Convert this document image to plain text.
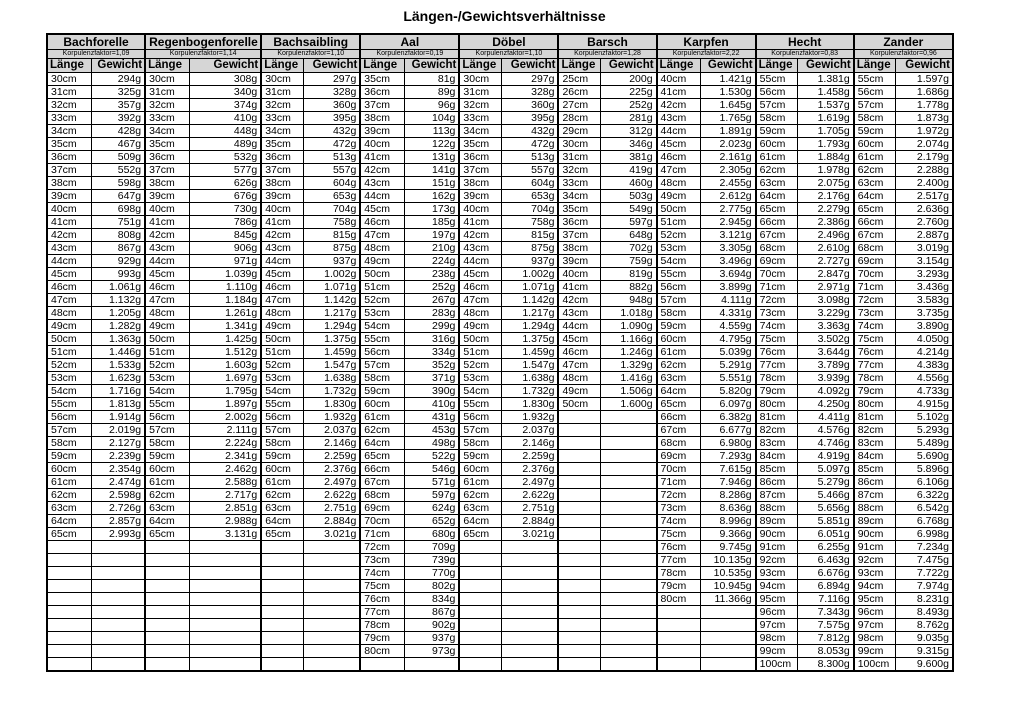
Längen-/Gewichtsverhältnisse
Bachforelle		Regenbogenforelle		Bachsaibling		Aal		Döbel		Barsch		Karpfen		Hecht		Zander	
Korpulenzfaktor=1,09		Korpulenzfaktor=1,14		Korpulenzfaktor=1,10		Korpulenzfaktor=0,19		Korpulenzfaktor=1,10		Korpulenzfaktor=1,28		Korpulenzfaktor=2,22		Korpulenzfaktor=0,83		Korpulenzfaktor=0,96	
Länge	Gewicht	Länge	Gewicht	Länge	Gewicht	Länge	Gewicht	Länge	Gewicht	Länge	Gewicht	Länge	Gewicht	Länge	Gewicht	Länge	Gewicht
30cm	294g	30cm	308g	30cm	297g	35cm	81g	30cm	297g	25cm	200g	40cm	1.421g	55cm	1.381g	55cm	1.597g
31cm	325g	31cm	340g	31cm	328g	36cm	89g	31cm	328g	26cm	225g	41cm	1.530g	56cm	1.458g	56cm	1.686g
32cm	357g	32cm	374g	32cm	360g	37cm	96g	32cm	360g	27cm	252g	42cm	1.645g	57cm	1.537g	57cm	1.778g
33cm	392g	33cm	410g	33cm	395g	38cm	104g	33cm	395g	28cm	281g	43cm	1.765g	58cm	1.619g	58cm	1.873g
34cm	428g	34cm	448g	34cm	432g	39cm	113g	34cm	432g	29cm	312g	44cm	1.891g	59cm	1.705g	59cm	1.972g
35cm	467g	35cm	489g	35cm	472g	40cm	122g	35cm	472g	30cm	346g	45cm	2.023g	60cm	1.793g	60cm	2.074g
36cm	509g	36cm	532g	36cm	513g	41cm	131g	36cm	513g	31cm	381g	46cm	2.161g	61cm	1.884g	61cm	2.179g
37cm	552g	37cm	577g	37cm	557g	42cm	141g	37cm	557g	32cm	419g	47cm	2.305g	62cm	1.978g	62cm	2.288g
38cm	598g	38cm	626g	38cm	604g	43cm	151g	38cm	604g	33cm	460g	48cm	2.455g	63cm	2.075g	63cm	2.400g
39cm	647g	39cm	676g	39cm	653g	44cm	162g	39cm	653g	34cm	503g	49cm	2.612g	64cm	2.176g	64cm	2.517g
40cm	698g	40cm	730g	40cm	704g	45cm	173g	40cm	704g	35cm	549g	50cm	2.775g	65cm	2.279g	65cm	2.636g
41cm	751g	41cm	786g	41cm	758g	46cm	185g	41cm	758g	36cm	597g	51cm	2.945g	66cm	2.386g	66cm	2.760g
42cm	808g	42cm	845g	42cm	815g	47cm	197g	42cm	815g	37cm	648g	52cm	3.121g	67cm	2.496g	67cm	2.887g
43cm	867g	43cm	906g	43cm	875g	48cm	210g	43cm	875g	38cm	702g	53cm	3.305g	68cm	2.610g	68cm	3.019g
44cm	929g	44cm	971g	44cm	937g	49cm	224g	44cm	937g	39cm	759g	54cm	3.496g	69cm	2.727g	69cm	3.154g
45cm	993g	45cm	1.039g	45cm	1.002g	50cm	238g	45cm	1.002g	40cm	819g	55cm	3.694g	70cm	2.847g	70cm	3.293g
46cm	1.061g	46cm	1.110g	46cm	1.071g	51cm	252g	46cm	1.071g	41cm	882g	56cm	3.899g	71cm	2.971g	71cm	3.436g
47cm	1.132g	47cm	1.184g	47cm	1.142g	52cm	267g	47cm	1.142g	42cm	948g	57cm	4.111g	72cm	3.098g	72cm	3.583g
48cm	1.205g	48cm	1.261g	48cm	1.217g	53cm	283g	48cm	1.217g	43cm	1.018g	58cm	4.331g	73cm	3.229g	73cm	3.735g
49cm	1.282g	49cm	1.341g	49cm	1.294g	54cm	299g	49cm	1.294g	44cm	1.090g	59cm	4.559g	74cm	3.363g	74cm	3.890g
50cm	1.363g	50cm	1.425g	50cm	1.375g	55cm	316g	50cm	1.375g	45cm	1.166g	60cm	4.795g	75cm	3.502g	75cm	4.050g
51cm	1.446g	51cm	1.512g	51cm	1.459g	56cm	334g	51cm	1.459g	46cm	1.246g	61cm	5.039g	76cm	3.644g	76cm	4.214g
52cm	1.533g	52cm	1.603g	52cm	1.547g	57cm	352g	52cm	1.547g	47cm	1.329g	62cm	5.291g	77cm	3.789g	77cm	4.383g
53cm	1.623g	53cm	1.697g	53cm	1.638g	58cm	371g	53cm	1.638g	48cm	1.416g	63cm	5.551g	78cm	3.939g	78cm	4.556g
54cm	1.716g	54cm	1.795g	54cm	1.732g	59cm	390g	54cm	1.732g	49cm	1.506g	64cm	5.820g	79cm	4.092g	79cm	4.733g
55cm	1.813g	55cm	1.897g	55cm	1.830g	60cm	410g	55cm	1.830g	50cm	1.600g	65cm	6.097g	80cm	4.250g	80cm	4.915g
56cm	1.914g	56cm	2.002g	56cm	1.932g	61cm	431g	56cm	1.932g			66cm	6.382g	81cm	4.411g	81cm	5.102g
57cm	2.019g	57cm	2.111g	57cm	2.037g	62cm	453g	57cm	2.037g			67cm	6.677g	82cm	4.576g	82cm	5.293g
58cm	2.127g	58cm	2.224g	58cm	2.146g	64cm	498g	58cm	2.146g			68cm	6.980g	83cm	4.746g	83cm	5.489g
59cm	2.239g	59cm	2.341g	59cm	2.259g	65cm	522g	59cm	2.259g			69cm	7.293g	84cm	4.919g	84cm	5.690g
60cm	2.354g	60cm	2.462g	60cm	2.376g	66cm	546g	60cm	2.376g			70cm	7.615g	85cm	5.097g	85cm	5.896g
61cm	2.474g	61cm	2.588g	61cm	2.497g	67cm	571g	61cm	2.497g			71cm	7.946g	86cm	5.279g	86cm	6.106g
62cm	2.598g	62cm	2.717g	62cm	2.622g	68cm	597g	62cm	2.622g			72cm	8.286g	87cm	5.466g	87cm	6.322g
63cm	2.726g	63cm	2.851g	63cm	2.751g	69cm	624g	63cm	2.751g			73cm	8.636g	88cm	5.656g	88cm	6.542g
64cm	2.857g	64cm	2.988g	64cm	2.884g	70cm	652g	64cm	2.884g			74cm	8.996g	89cm	5.851g	89cm	6.768g
65cm	2.993g	65cm	3.131g	65cm	3.021g	71cm	680g	65cm	3.021g			75cm	9.366g	90cm	6.051g	90cm	6.998g
						72cm	709g					76cm	9.745g	91cm	6.255g	91cm	7.234g
						73cm	739g					77cm	10.135g	92cm	6.463g	92cm	7.475g
						74cm	770g					78cm	10.535g	93cm	6.676g	93cm	7.722g
						75cm	802g					79cm	10.945g	94cm	6.894g	94cm	7.974g
						76cm	834g					80cm	11.366g	95cm	7.116g	95cm	8.231g
						77cm	867g							96cm	7.343g	96cm	8.493g
						78cm	902g							97cm	7.575g	97cm	8.762g
						79cm	937g							98cm	7.812g	98cm	9.035g
						80cm	973g							99cm	8.053g	99cm	9.315g
														100cm	8.300g	100cm	9.600g
